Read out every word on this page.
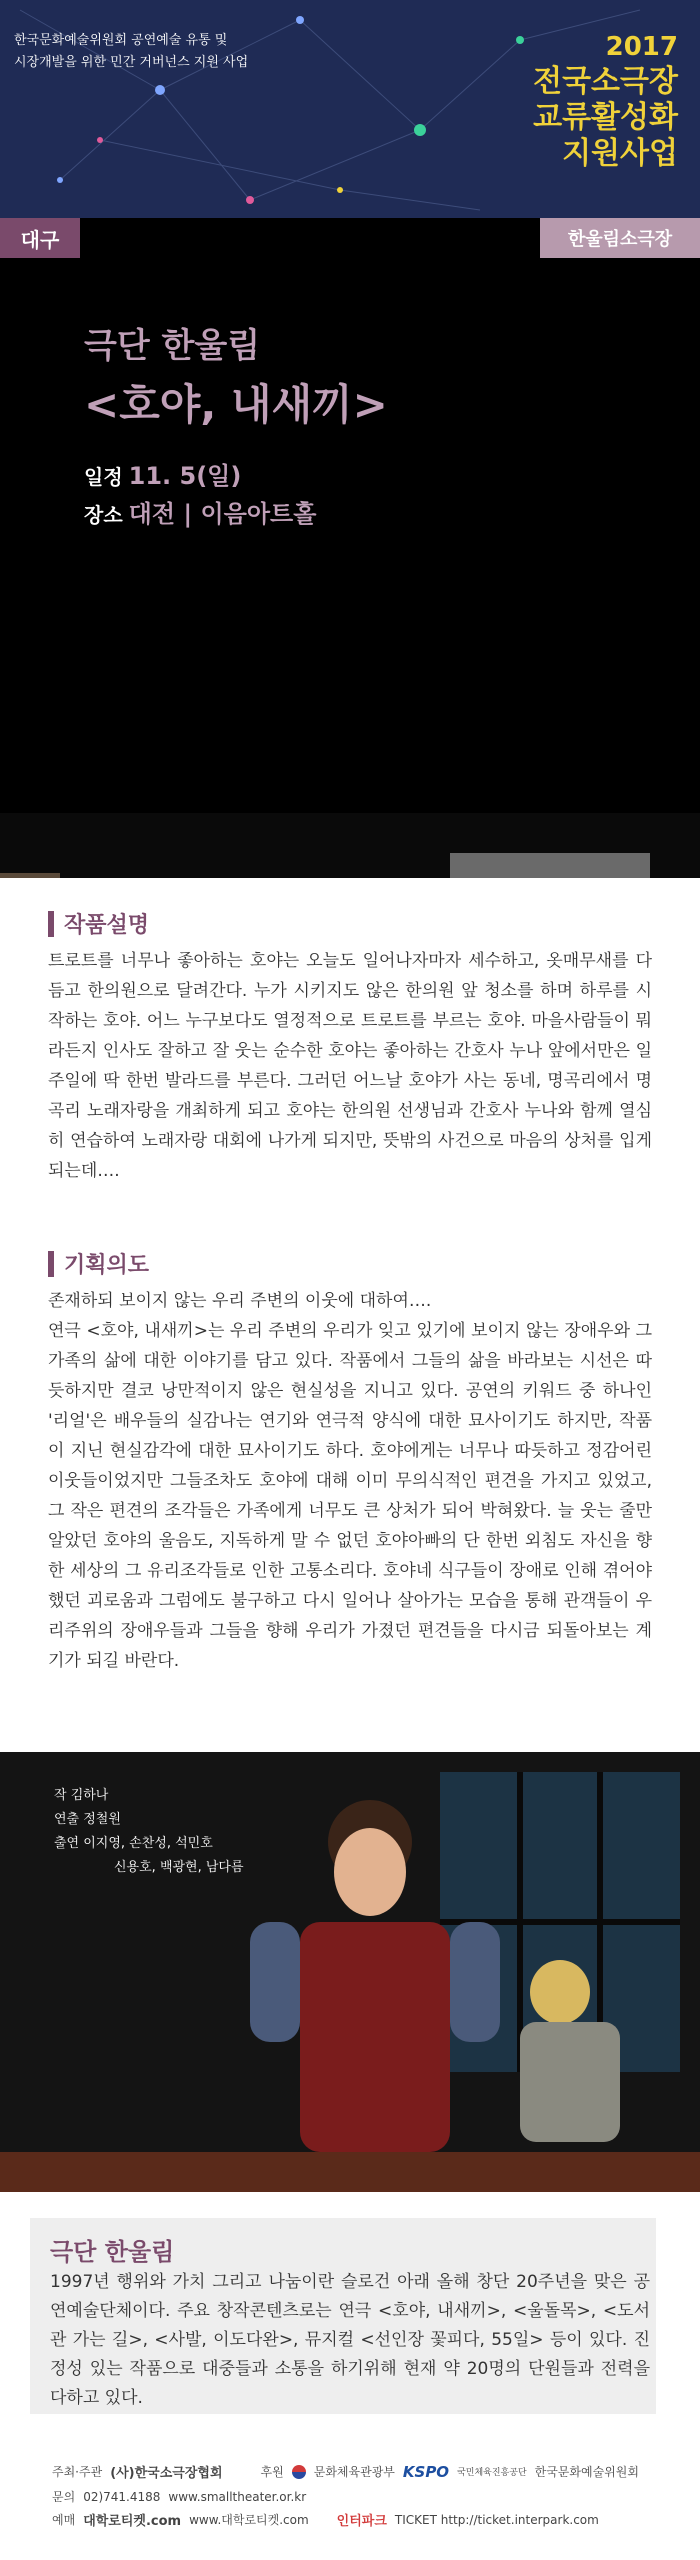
한국문화예술위원회 공연예술 유통 및
시장개발을 위한 민간 거버넌스 지원 사업
2017
전국소극장
교류활성화
지원사업
대구	한울림소극장
극단 한울림
<호야, 내새끼>
일정 11. 5(일)
장소 대전 | 이음아트홀
작품설명
트로트를 너무나 좋아하는 호야는 오늘도 일어나자마자 세수하고, 옷매무새를 다듬고 한의원으로 달려간다. 누가 시키지도 않은 한의원 앞 청소를 하며 하루를 시작하는 호야. 어느 누구보다도 열정적으로 트로트를 부르는 호야. 마을사람들이 뭐라든지 인사도 잘하고 잘 웃는 순수한 호야는 좋아하는 간호사 누나 앞에서만은 일주일에 딱 한번 발라드를 부른다. 그러던 어느날 호야가 사는 동네, 명곡리에서 명곡리 노래자랑을 개최하게 되고 호야는 한의원 선생님과 간호사 누나와 함께 열심히 연습하여 노래자랑 대회에 나가게 되지만, 뜻밖의 사건으로 마음의 상처를 입게 되는데….
기획의도
존재하되 보이지 않는 우리 주변의 이웃에 대하여….
연극 <호야, 내새끼>는 우리 주변의 우리가 잊고 있기에 보이지 않는 장애우와 그 가족의 삶에 대한 이야기를 담고 있다. 작품에서 그들의 삶을 바라보는 시선은 따듯하지만 결코 낭만적이지 않은 현실성을 지니고 있다. 공연의 키워드 중 하나인 '리얼'은 배우들의 실감나는 연기와 연극적 양식에 대한 묘사이기도 하지만, 작품이 지닌 현실감각에 대한 묘사이기도 하다. 호야에게는 너무나 따듯하고 정감어린 이웃들이었지만 그들조차도 호야에 대해 이미 무의식적인 편견을 가지고 있었고, 그 작은 편견의 조각들은 가족에게 너무도 큰 상처가 되어 박혀왔다. 늘 웃는 줄만 알았던 호야의 울음도, 지독하게 말 수 없던 호야아빠의 단 한번 외침도 자신을 향한 세상의 그 유리조각들로 인한 고통소리다. 호야네 식구들이 장애로 인해 겪어야 했던 괴로움과 그럼에도 불구하고 다시 일어나 살아가는 모습을 통해 관객들이 우리주위의 장애우들과 그들을 향해 우리가 가졌던 편견들을 다시금 되돌아보는 계기가 되길 바란다.
작 김하나
연출 정철원
출연 이지영, 손찬성, 석민호
신용호, 백광현, 남다름
극단 한울림
1997년 행위와 가치 그리고 나눔이란 슬로건 아래 올해 창단 20주년을 맞은 공연예술단체이다. 주요 창작콘텐츠로는 연극 <호야, 내새끼>, <울돌목>, <도서관 가는 길>, <사발, 이도다완>, 뮤지컬 <선인장 꽃피다, 55일> 등이 있다. 진정성 있는 작품으로 대중들과 소통을 하기위해 현재 약 20명의 단원들과 전력을 다하고 있다.
주최·주관 (사)한국소극장협회	후원	문화체육관광부 KSPO 국민체육진흥공단 한국문화예술위원회
문의 02)741.4188 www.smalltheater.or.kr
예매 대학로티켓.com www.대학로티켓.com 인터파크 TICKET http://ticket.interpark.com
